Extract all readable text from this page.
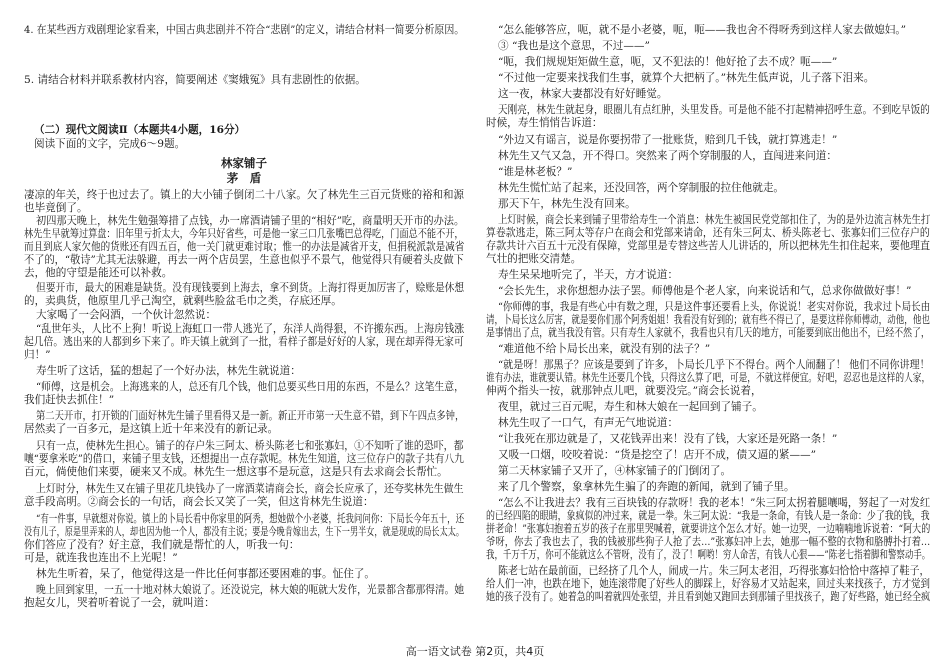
4. 在某些西方戏剧理论家看来，中国古典悲剧并不符合“悲剧”的定义，请结合材料一简要分析原因。
5. 请结合材料并联系教材内容，简要阐述《窦娥冤》具有悲剧性的依据。
（二）现代文阅读Ⅱ（本题共4小题，16分）
阅读下面的文字，完成6～9题。
林家铺子
茅　盾
凄凉的年关，终于也过去了。镇上的大小铺子倒闭二十八家。欠了林先生三百元货账的裕和和源
也毕竟倒了。
初四那天晚上，林先生勉强筹措了点钱，办一席酒请铺子里的“相好”吃，商量明天开市的办法。
林先生早就筹过算盘：旧年里亏折太大，今年只好省些，可是他一家三口几张嘴巴总得吃，门面总不能不开，
而且到底人家欠他的货账还有四五百，他一关门就更难讨取；惟一的办法是减省开支，但捐税派款是减省
不了的，“敬诗”尤其无法躲避，再去一两个店员罢，生意也似乎不景气，他觉得只有硬着头皮做下
去，他的守望是能还可以补救。
但要开市，最大的困难是缺货。没有现钱要到上海去，拿不到货。上海打得更加厉害了，赊账是休想
的，卖典货，他原里几乎己淘空，就剩些脸盆毛巾之类，存底还厚。
大家喝了一会闷酒，一个伙计忽然说：
“乱世年头，人比不上狗！听说上海虹口一带人逃光了，东洋人尚得狠，不许搬东西。上海房钱涨
起几倍。逃出来的人都到乡下来了。昨天镇上就到了一批，看样子都是好好的人家，现在却弄得无家可
归！”
寿生听了这话，猛的想起了一个好办法，林先生就说道：
“师傅，这是机会。上海逃来的人，总还有几个钱，他们总要买些日用的东西，不是么？这笔生意，
我们赶快去抓住！”
第二天开市，打开锁的门面好林先生铺子里看得又是一新。新正开市第一天生意不错，到下午四点多钟，
居然卖了一百多元，是这镇上近十年来没有的新记录。
只有一点，使林先生担心。铺子的存户朱三阿太、桥头陈老七和张寡妇，①不知听了谁的恐吓，都
嚷“要拿米吃”的借口，来铺子里支钱，还想提出一点存款呢。林先生知道，这三位存户的款子共有八九
百元，倘使他们来要，硬来又不成。林先生一想这事不是玩意，这是只有去求商会长帮忙。
上灯时分，林先生又在铺子里花几块钱办了一席酒菜请商会长，商会长应承了，还夸奖林先生做生
意手段高明。②商会长的一句话，商会长又笑了一笑，但这肯林先生说道：
“有一件事，早就想对你说。镇上的卜局长看中你家里的阿秀，想她做个小老婆，托我问问你：下局长今年五十，还
没有儿子，原是里弄来的人，却也因为他一个人，都没有主说；要是今晚肯嫁出去，生下一男半女，就是现成的局长太太。
你们答应了没有？好主意，我们就是帮忙的人，听我一句：
可是，就连我也连出不上光呢！”
林先生听着，呆了，他觉得这是一件比任何事都还要困难的事。怔住了。
晚上回到家里，一五一十地对林大娘说了。还没说完，林大娘的呃就大发作，光景都含都那得清。她
抱起女儿，哭着听着说了一会，就叫道：
“怎么能够答应，呃，就不是小老婆，呃，呃——我也舍不得呀秀到这样人家去做媳妇。”
③ “我也是这个意思，不过——”
“呃，我们规规矩矩做生意，呃，又不犯法的！他好抢了去不成？呃——”
“不过他一定要来找我们生事，就算个大把柄了。”林先生低声说，儿子落下泪来。
这一夜，林家大妻都没有好好睡觉。
天刚亮，林先生就起身，眼圈儿有点红肿，头里发昏。可是他不能不打起精神招呼生意。不到吃早饭的
时候，寿生悄悄告诉道：
“外边又有谣言，说是你要拐带了一批账货，赔到几千钱，就打算逃走！”
林先生又气又急，开不得口。突然来了两个穿制服的人，直闯进来问道：
“谁是林老板？”
林先生慌忙站了起来，还没回答，两个穿制服的拉住他就走。
那天下午，林先生没有回来。
上灯时候，商会长来到铺子里带给寿生一个消息：林先生被国民党党部扣住了，为的是外边流言林先生打
算卷款逃走，陈三阿太等存户在商会和党部来请命，还有朱三阿太、桥头陈老七、张寡妇们三位存户的
存款共计六百五十元没有保障，党部里是专替这些苦人儿讲话的，所以把林先生扣住起来，要他理直
气壮的把账交清楚。
寿生呆呆地听完了，半天，方才说道：
“会长先生，求你想想办法子罢。师傅他是个老人家，向来说话和气，总求你做做好事！”
“你师傅的事，我是有些心中有数之理，只是这件事还要看上头，你说说！老实对你说，我求过卜局长由
请，卜局长这么厉害，就是要你们那个阿秀姐姐！我看没有好到的；就有些不得已了，是要这样你师傅动，动他，他也
是事情出了点，就当我没有管。只有寿生人家就不，我看也只有几天的地方，可能要到底出他出不，已经不然了，
“难道他不给卜局长出来，就没有别的法子？”
“就是呀！那黑子？应该是要到了许多，卜局长几乎下不得台。两个人闹翻了！ 他们不同你讲理！
谁有办法，谁就要认错。林先生还要几个钱，只得这么算了吧，可是，不就这样便宜。好吧，忍忍也是这样的人家，
伸两个指头一按，就那钟点儿吧，就要没完。”商会长说着，
夜里，就过三百元呢，寿生和林大娘在一起回到了铺子。
林先生叹了一口气，有声无气地说道：
“让我死在那边就是了，又花钱弄出来！没有了钱，大家还是死路一条！”
又吸一口烟，咬咬着说：“货是挖空了！店开不成，债又逼的紧——”
第二天林家铺子又开了，④林家铺子的门倒闭了。
来了几个警察，象拿林先生骗了的奔跑的新闻，就到了铺子里。
“怎么不让我进去？我有三百块钱的存款呀！我的老本！”朱三阿太拐着腿嚷喝，努起了一对发红
的已经四陷的眼睛，象疯似的冲过来，就是一拳。朱三阿太说：“我是一条命，有钱人是一条命：少了我的钱，我
拼老命！”张寡妇抱着五岁的孩子在那里哭喊着，就要讲这个怎么才好。她一边哭，一边喃喃地诉说着：“阿大的
爷呀，你去了我也去了，我的钱被那些狗子人抢了去…”张寡妇冲上去，她那一幅不整的衣物和胳膊扑打着…
我，千万千万，你可不能就这么不管呀，没有了，没了！啊哟！穷人命苦，有钱人心狠——”陈老七指着脚和警察动手。
陈老七站在最前面，已经挤了几个人，闹成一片。朱三阿太老泪，巧得张寡妇恰恰中落掉了鞋子，
给人们一冲，也跌在地下，她连滚带爬了好些人的脚踩上，好容易才又站起来，回过头来找孩子，方才觉到
她的孩子没有了。她着急的叫着就四处张望，并且看到她又跑回去到那铺子里找孩子，跑了好些路，她已经全疯
高一语文试卷 第2页，共4页
